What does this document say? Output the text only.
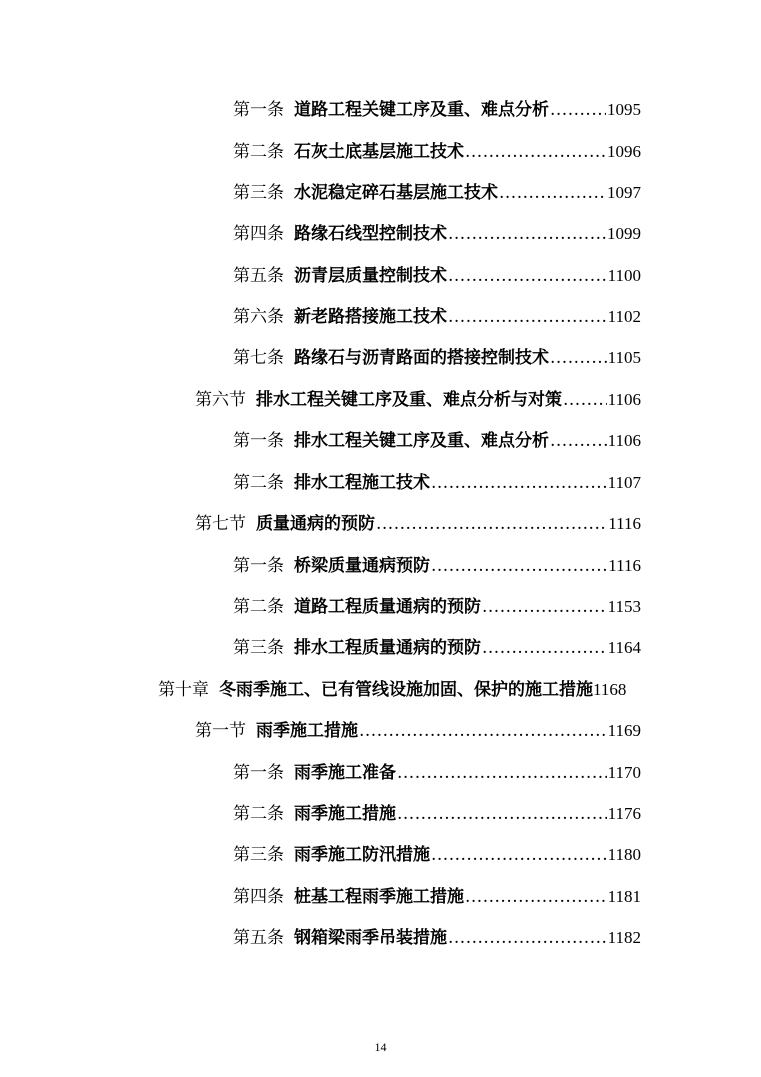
第一条 道路工程关键工序及重、难点分析 .....	1095
第二条 石灰土底基层施工技术 .....	1096
第三条 水泥稳定碎石基层施工技术 .....	1097
第四条 路缘石线型控制技术 .....	1099
第五条 沥青层质量控制技术 .....	1100
第六条 新老路搭接施工技术 .....	1102
第七条 路缘石与沥青路面的搭接控制技术 .....	1105
第六节 排水工程关键工序及重、难点分析与对策 .....	1106
第一条 排水工程关键工序及重、难点分析 .....	1106
第二条 排水工程施工技术 .....	1107
第七节 质量通病的预防 .....	1116
第一条 桥梁质量通病预防 .....	1116
第二条 道路工程质量通病的预防 .....	1153
第三条 排水工程质量通病的预防 .....	1164
第十章 冬雨季施工、已有管线设施加固、保护的施工措施 1168
第一节 雨季施工措施 .....	1169
第一条 雨季施工准备 .....	1170
第二条 雨季施工措施 .....	1176
第三条 雨季施工防汛措施 .....	1180
第四条 桩基工程雨季施工措施 .....	1181
第五条 钢箱梁雨季吊装措施 .....	1182
14
